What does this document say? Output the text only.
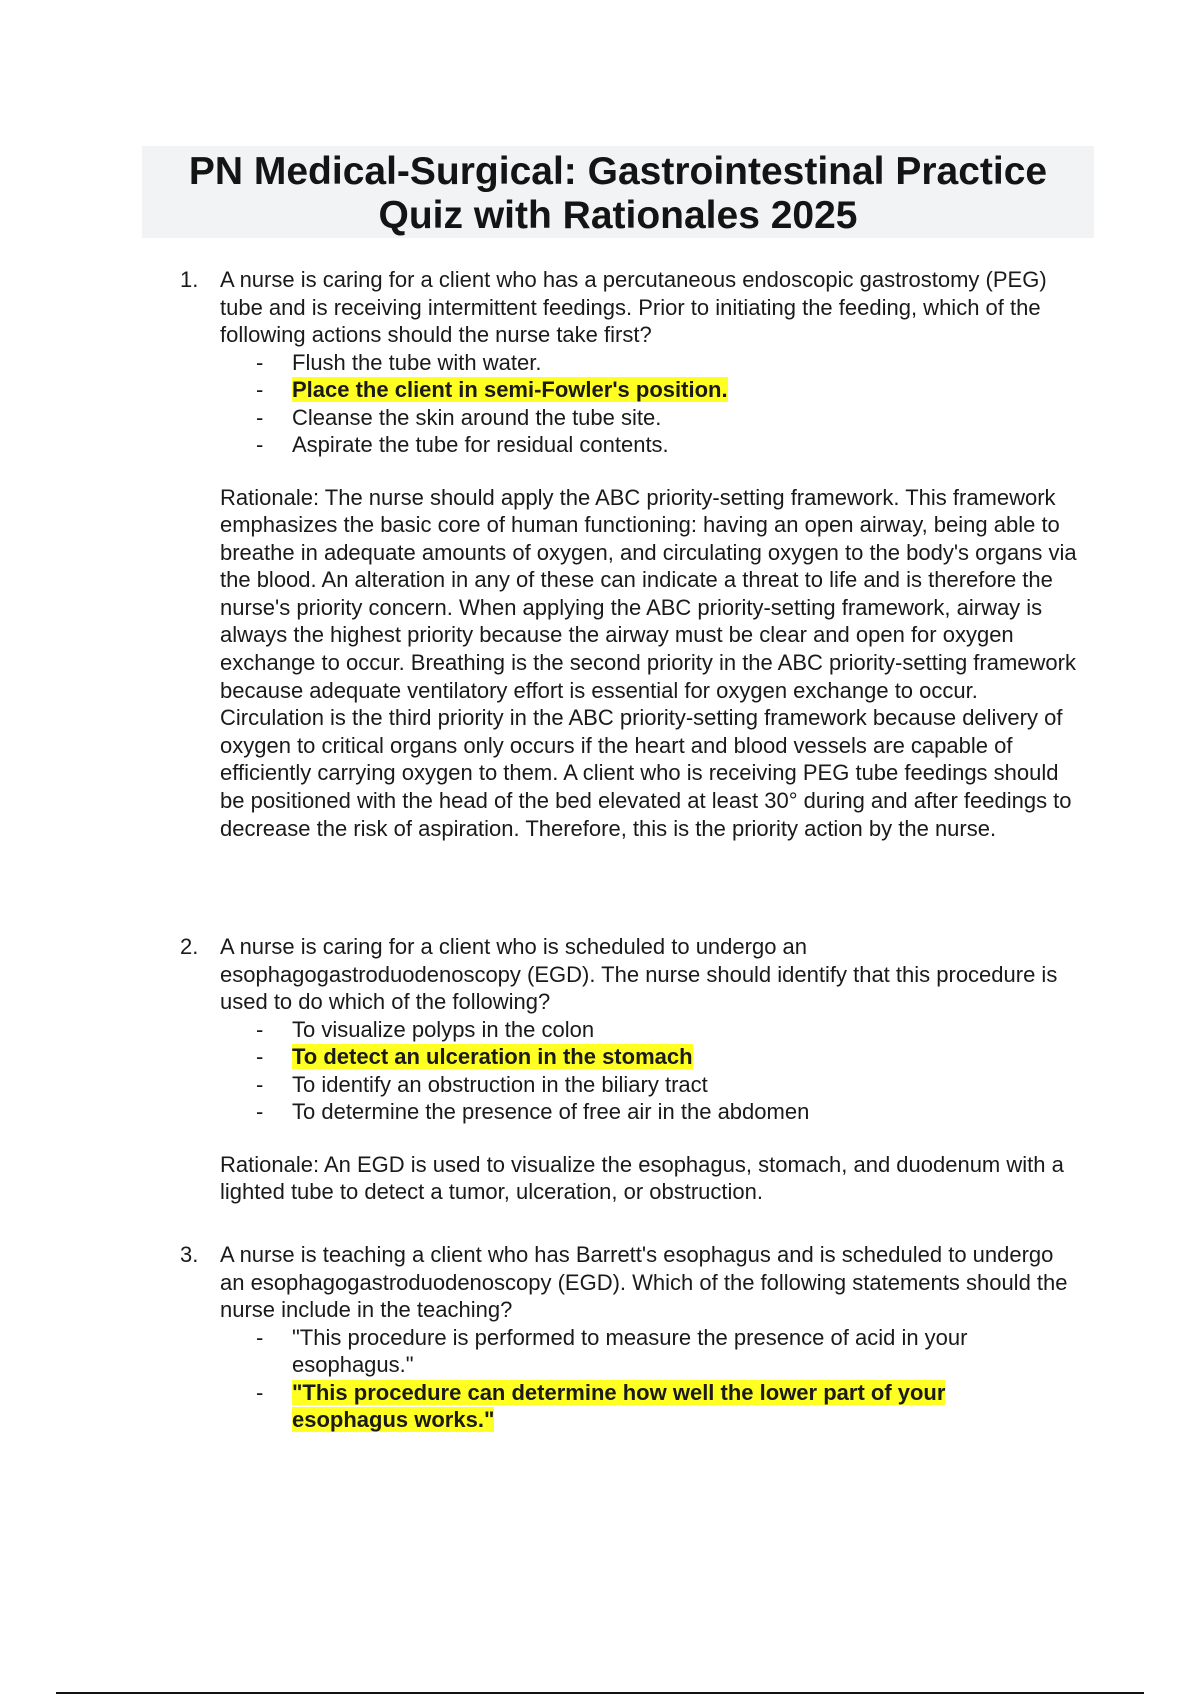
PN Medical-Surgical: Gastrointestinal Practice
Quiz with Rationales 2025
1. A nurse is caring for a client who has a percutaneous endoscopic gastrostomy (PEG) tube and is receiving intermittent feedings. Prior to initiating the feeding, which of the following actions should the nurse take first?
- Flush the tube with water.
- Place the client in semi-Fowler's position.
- Cleanse the skin around the tube site.
- Aspirate the tube for residual contents.
Rationale: The nurse should apply the ABC priority-setting framework. This framework emphasizes the basic core of human functioning: having an open airway, being able to breathe in adequate amounts of oxygen, and circulating oxygen to the body's organs via the blood. An alteration in any of these can indicate a threat to life and is therefore the nurse's priority concern. When applying the ABC priority-setting framework, airway is always the highest priority because the airway must be clear and open for oxygen exchange to occur. Breathing is the second priority in the ABC priority-setting framework because adequate ventilatory effort is essential for oxygen exchange to occur. Circulation is the third priority in the ABC priority-setting framework because delivery of oxygen to critical organs only occurs if the heart and blood vessels are capable of efficiently carrying oxygen to them. A client who is receiving PEG tube feedings should be positioned with the head of the bed elevated at least 30° during and after feedings to decrease the risk of aspiration. Therefore, this is the priority action by the nurse.
2. A nurse is caring for a client who is scheduled to undergo an esophagogastroduodenoscopy (EGD). The nurse should identify that this procedure is used to do which of the following?
- To visualize polyps in the colon
- To detect an ulceration in the stomach
- To identify an obstruction in the biliary tract
- To determine the presence of free air in the abdomen
Rationale: An EGD is used to visualize the esophagus, stomach, and duodenum with a lighted tube to detect a tumor, ulceration, or obstruction.
3. A nurse is teaching a client who has Barrett's esophagus and is scheduled to undergo an esophagogastroduodenoscopy (EGD). Which of the following statements should the nurse include in the teaching?
- "This procedure is performed to measure the presence of acid in your esophagus."
- "This procedure can determine how well the lower part of your esophagus works."
